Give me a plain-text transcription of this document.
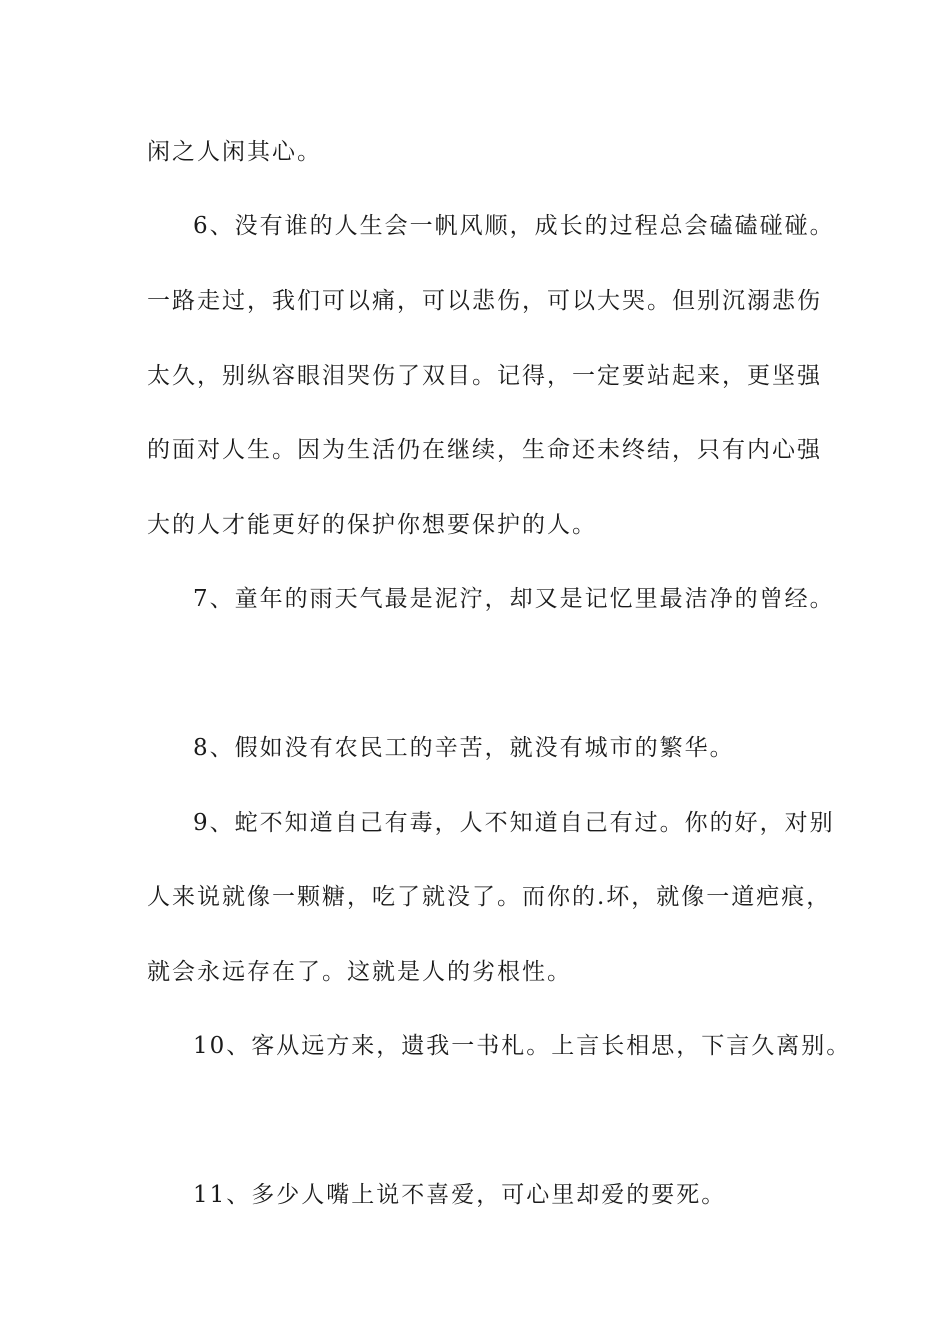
闲之人闲其心。
6、没有谁的人生会一帆风顺，成长的过程总会磕磕碰碰。
一路走过，我们可以痛，可以悲伤，可以大哭。但别沉溺悲伤
太久，别纵容眼泪哭伤了双目。记得，一定要站起来，更坚强
的面对人生。因为生活仍在继续，生命还未终结，只有内心强
大的人才能更好的保护你想要保护的人。
7、童年的雨天气最是泥泞，却又是记忆里最洁净的曾经。
8、假如没有农民工的辛苦，就没有城市的繁华。
9、蛇不知道自己有毒，人不知道自己有过。你的好，对别
人来说就像一颗糖，吃了就没了。而你的.坏，就像一道疤痕，
就会永远存在了。这就是人的劣根性。
10、客从远方来，遗我一书札。上言长相思，下言久离别。
11、多少人嘴上说不喜爱，可心里却爱的要死。
